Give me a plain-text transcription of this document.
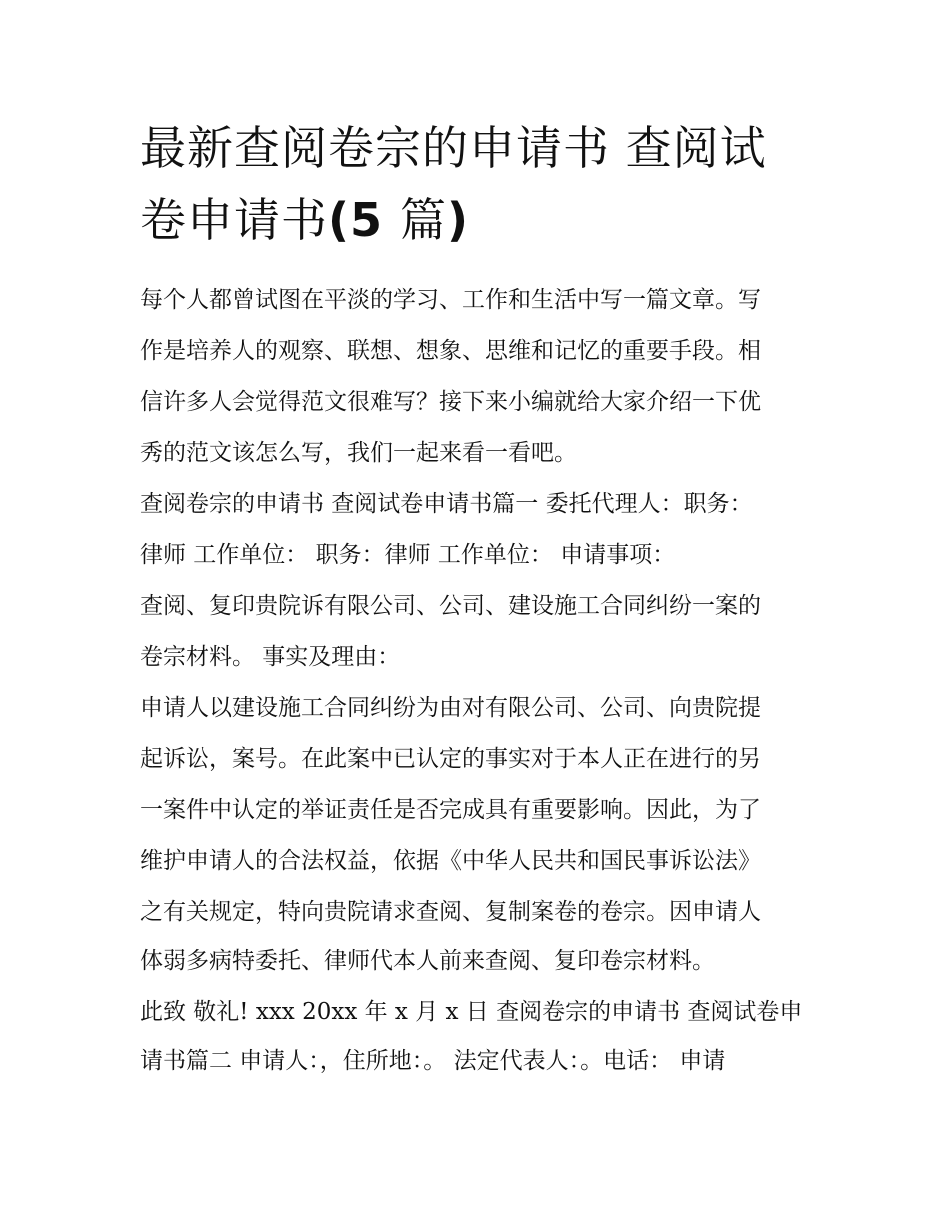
最新查阅卷宗的申请书 查阅试
卷申请书(5 篇)

每个人都曾试图在平淡的学习、工作和生活中写一篇文章。写

作是培养人的观察、联想、想象、思维和记忆的重要手段。相

信许多人会觉得范文很难写？接下来小编就给大家介绍一下优

秀的范文该怎么写，我们一起来看一看吧。

查阅卷宗的申请书 查阅试卷申请书篇一 委托代理人：职务：

律师 工作单位： 职务：律师 工作单位： 申请事项：

查阅、复印贵院诉有限公司、公司、建设施工合同纠纷一案的

卷宗材料。 事实及理由：

申请人以建设施工合同纠纷为由对有限公司、公司、向贵院提

起诉讼，案号。在此案中已认定的事实对于本人正在进行的另

一案件中认定的举证责任是否完成具有重要影响。因此，为了

维护申请人的合法权益，依据《中华人民共和国民事诉讼法》

之有关规定，特向贵院请求查阅、复制案卷的卷宗。因申请人

体弱多病特委托、律师代本人前来查阅、复印卷宗材料。

此致 敬礼! xxx 20xx 年 x 月 x 日 查阅卷宗的申请书 查阅试卷申

请书篇二 申请人：，住所地：。 法定代表人：。电话： 申请
